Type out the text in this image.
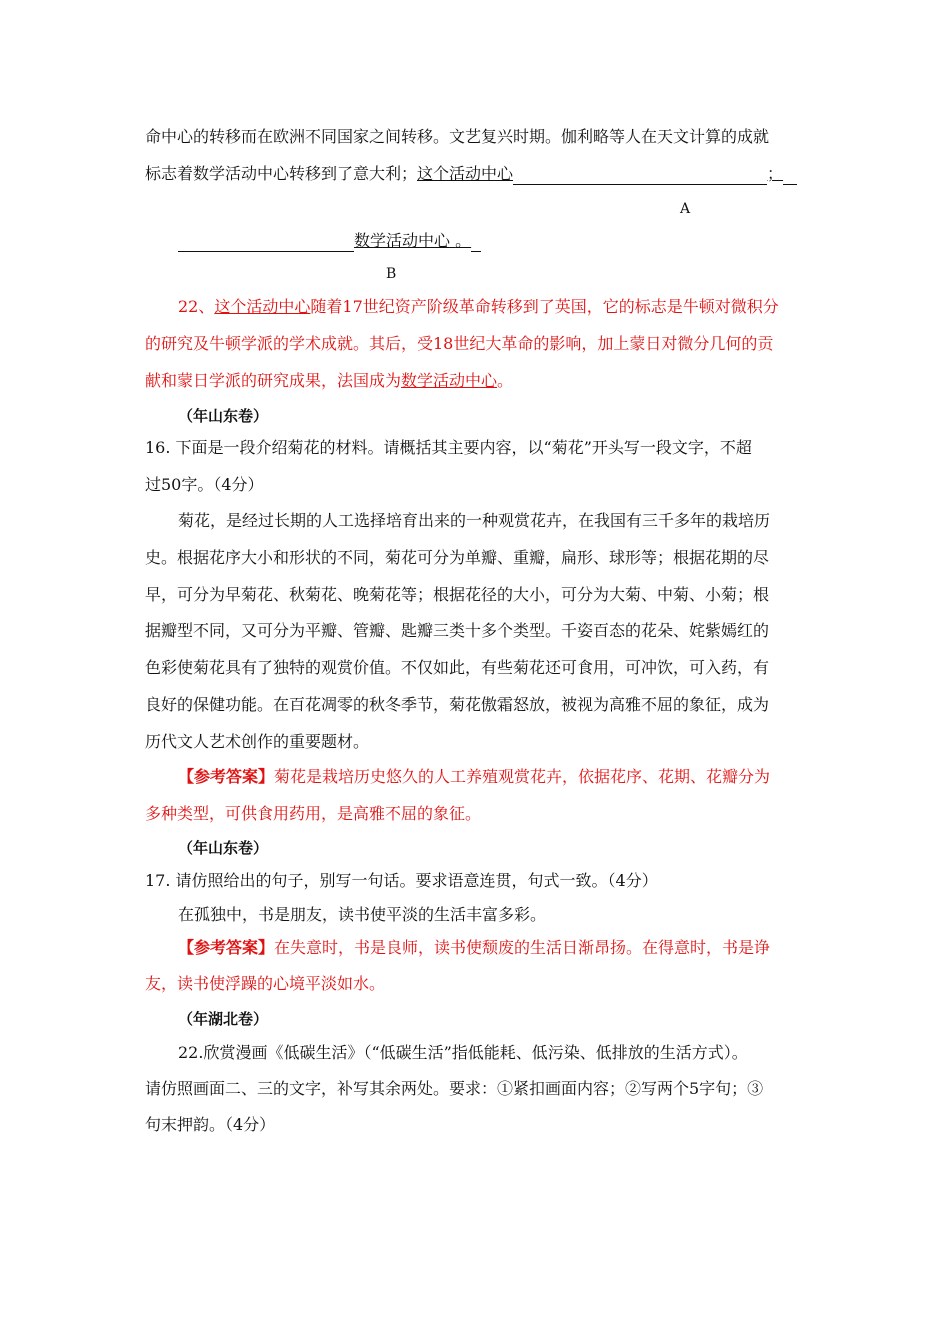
命中心的转移而在欧洲不同国家之间转移。文艺复兴时期。伽利略等人在天文计算的成就
标志着数学活动中心转移到了意大利；这个活动中心	；
A
数学活动中心 。
B
22、这个活动中心随着17世纪资产阶级革命转移到了英国，它的标志是牛顿对微积分
的研究及牛顿学派的学术成就。其后，受18世纪大革命的影响，加上蒙日对微分几何的贡
献和蒙日学派的研究成果，法国成为数学活动中心。
（年山东卷）
16. 下面是一段介绍菊花的材料。请概括其主要内容，以“菊花”开头写一段文字，不超
过50字。（4分）
菊花，是经过长期的人工选择培育出来的一种观赏花卉，在我国有三千多年的栽培历
史。根据花序大小和形状的不同，菊花可分为单瓣、重瓣，扁形、球形等；根据花期的尽
早，可分为早菊花、秋菊花、晚菊花等；根据花径的大小，可分为大菊、中菊、小菊；根
据瓣型不同，又可分为平瓣、管瓣、匙瓣三类十多个类型。千姿百态的花朵、姹紫嫣红的
色彩使菊花具有了独特的观赏价值。不仅如此，有些菊花还可食用，可冲饮，可入药，有
良好的保健功能。在百花凋零的秋冬季节，菊花傲霜怒放，被视为高雅不屈的象征，成为
历代文人艺术创作的重要题材。
【参考答案】菊花是栽培历史悠久的人工养殖观赏花卉，依据花序、花期、花瓣分为
多种类型，可供食用药用，是高雅不屈的象征。
（年山东卷）
17. 请仿照给出的句子，别写一句话。要求语意连贯，句式一致。（4分）
在孤独中，书是朋友，读书使平淡的生活丰富多彩。
【参考答案】在失意时，书是良师，读书使颓废的生活日渐昂扬。在得意时，书是诤
友，读书使浮躁的心境平淡如水。
（年湖北卷）
22.欣赏漫画《低碳生活》（“低碳生活”指低能耗、低污染、低排放的生活方式）。
请仿照画面二、三的文字，补写其余两处。要求：①紧扣画面内容；②写两个5字句；③
句末押韵。（4分）
